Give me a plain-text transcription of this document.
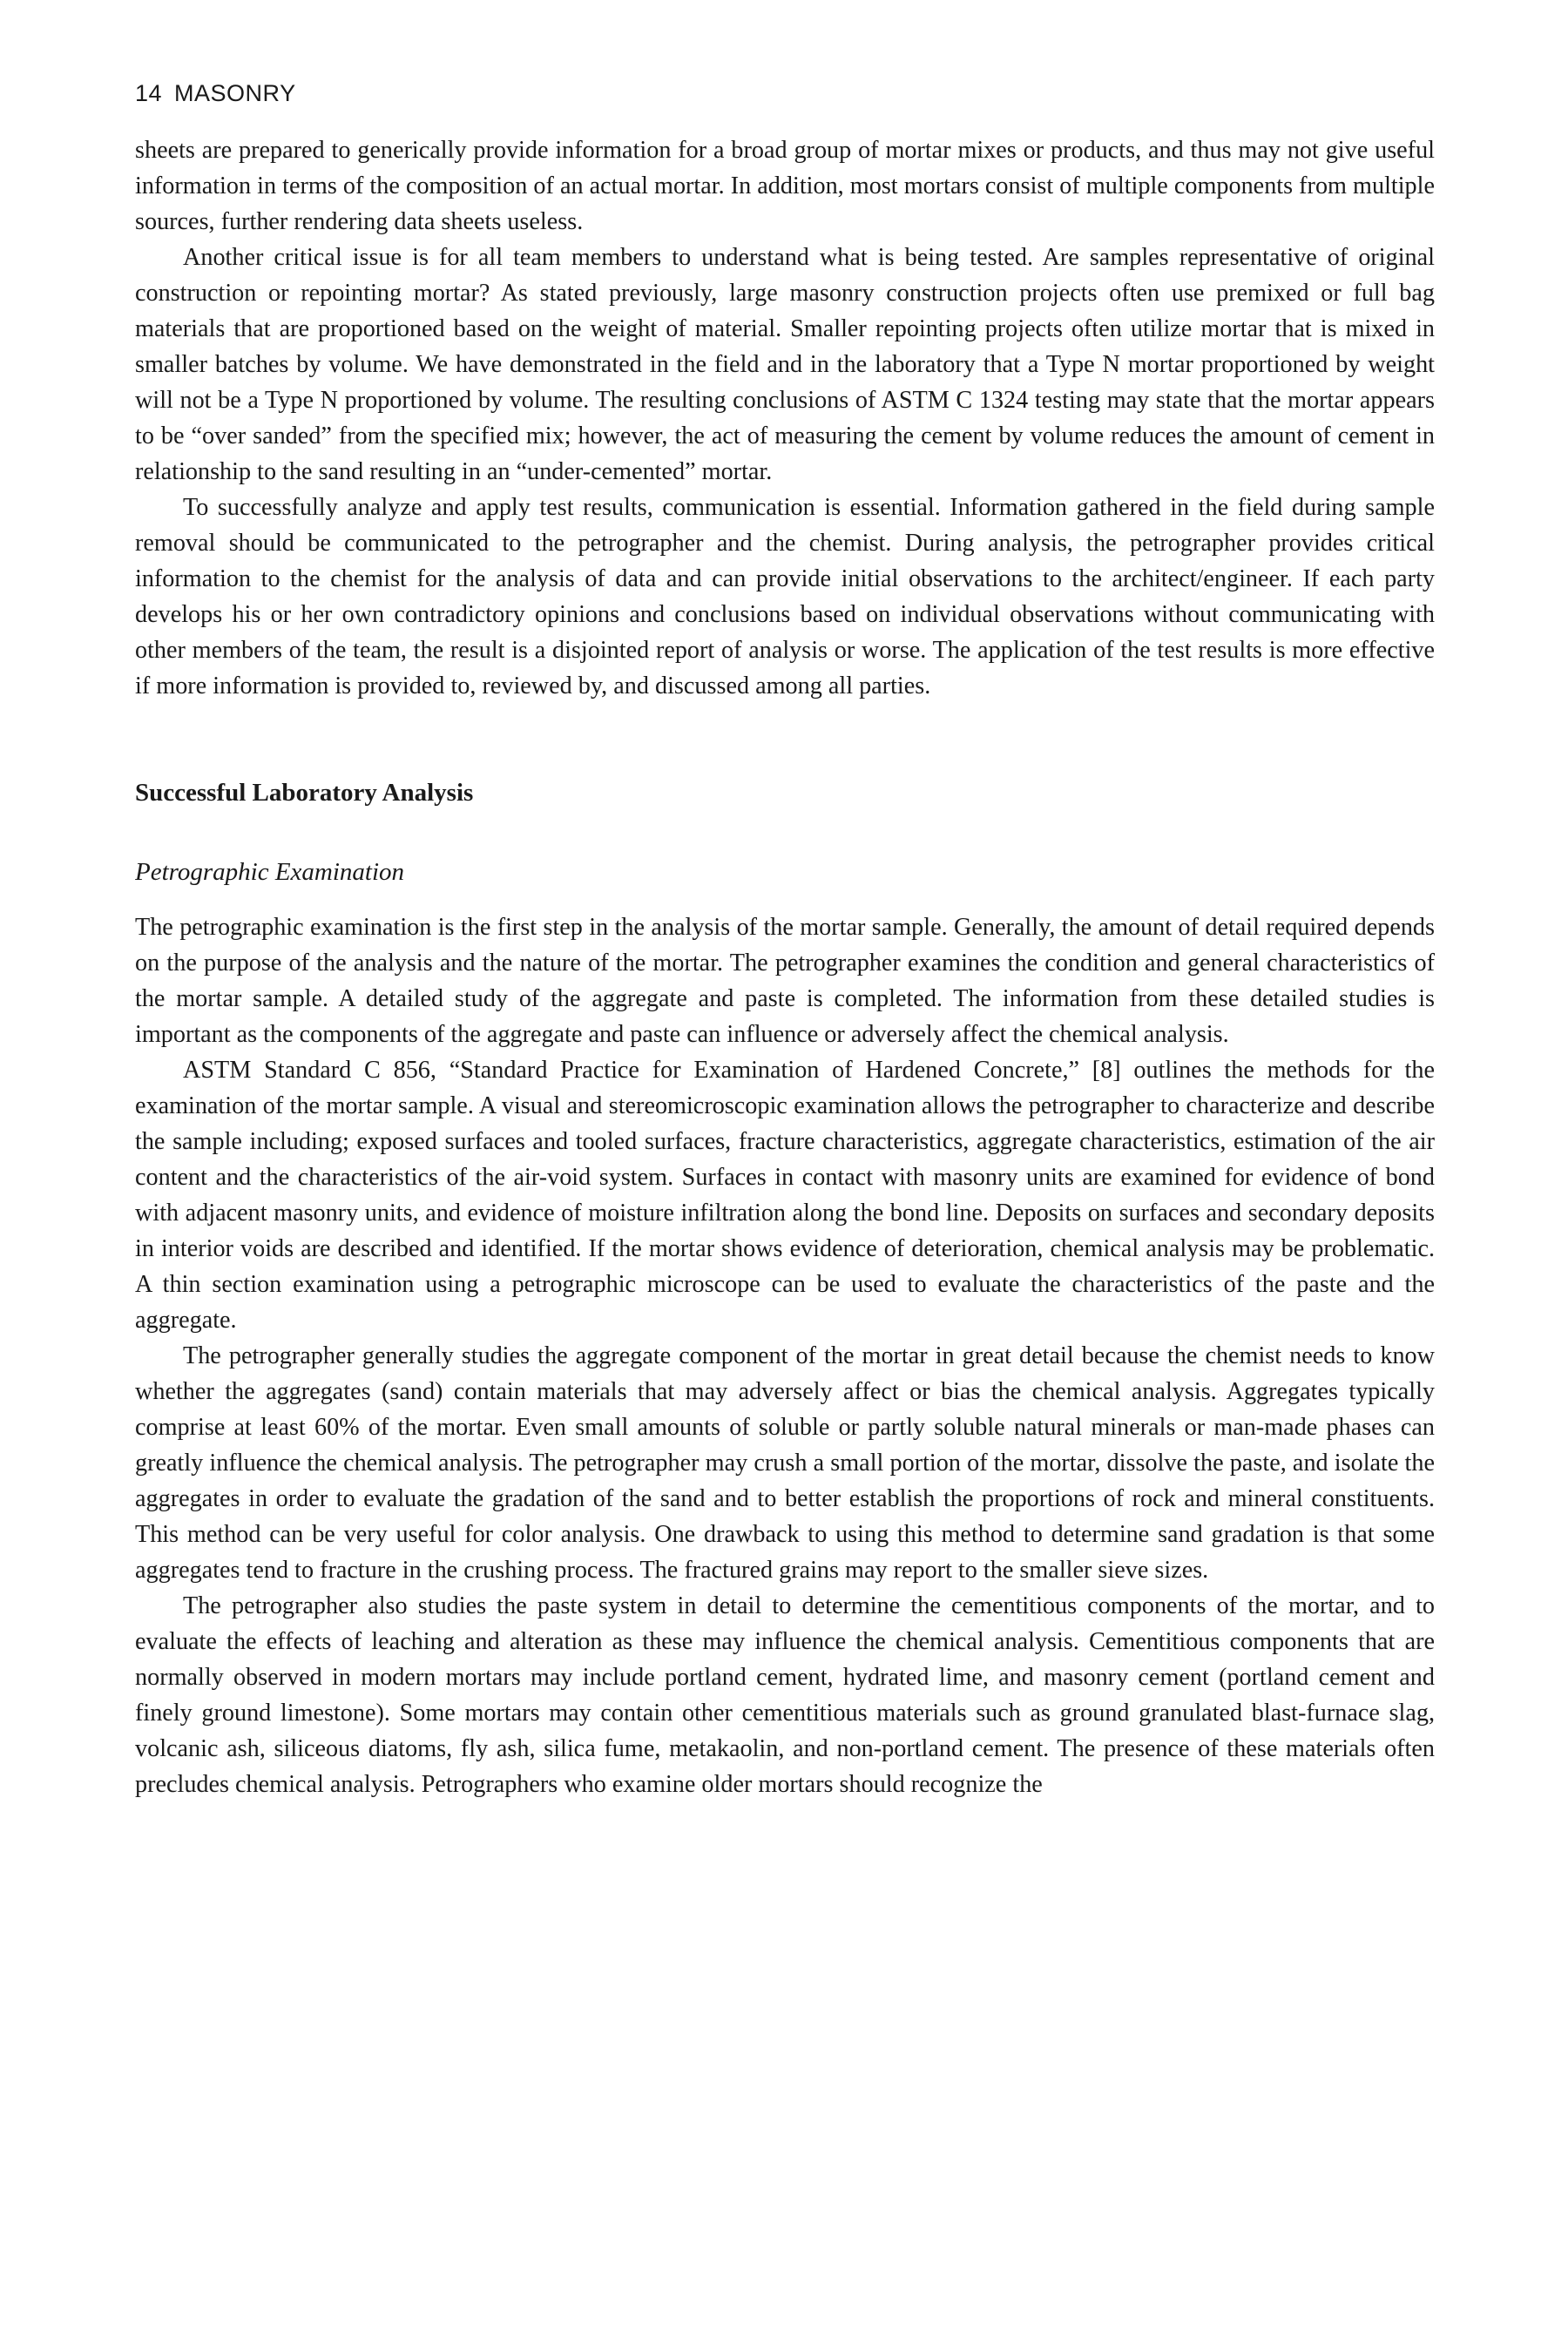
14 MASONRY

sheets are prepared to generically provide information for a broad group of mortar mixes or products, and thus may not give useful information in terms of the composition of an actual mortar. In addition, most mortars consist of multiple components from multiple sources, further rendering data sheets useless.

Another critical issue is for all team members to understand what is being tested. Are samples representative of original construction or repointing mortar? As stated previously, large masonry construction projects often use premixed or full bag materials that are proportioned based on the weight of material. Smaller repointing projects often utilize mortar that is mixed in smaller batches by volume. We have demonstrated in the field and in the laboratory that a Type N mortar proportioned by weight will not be a Type N proportioned by volume. The resulting conclusions of ASTM C 1324 testing may state that the mortar appears to be “over sanded” from the specified mix; however, the act of measuring the cement by volume reduces the amount of cement in relationship to the sand resulting in an “under-cemented” mortar.

To successfully analyze and apply test results, communication is essential. Information gathered in the field during sample removal should be communicated to the petrographer and the chemist. During analysis, the petrographer provides critical information to the chemist for the analysis of data and can provide initial observations to the architect/engineer. If each party develops his or her own contradictory opinions and conclusions based on individual observations without communicating with other members of the team, the result is a disjointed report of analysis or worse. The application of the test results is more effective if more information is provided to, reviewed by, and discussed among all parties.

Successful Laboratory Analysis
Petrographic Examination

The petrographic examination is the first step in the analysis of the mortar sample. Generally, the amount of detail required depends on the purpose of the analysis and the nature of the mortar. The petrographer examines the condition and general characteristics of the mortar sample. A detailed study of the aggregate and paste is completed. The information from these detailed studies is important as the components of the aggregate and paste can influence or adversely affect the chemical analysis.

ASTM Standard C 856, “Standard Practice for Examination of Hardened Concrete,” [8] outlines the methods for the examination of the mortar sample. A visual and stereomicroscopic examination allows the petrographer to characterize and describe the sample including; exposed surfaces and tooled surfaces, fracture characteristics, aggregate characteristics, estimation of the air content and the characteristics of the air-void system. Surfaces in contact with masonry units are examined for evidence of bond with adjacent masonry units, and evidence of moisture infiltration along the bond line. Deposits on surfaces and secondary deposits in interior voids are described and identified. If the mortar shows evidence of deterioration, chemical analysis may be problematic. A thin section examination using a petrographic microscope can be used to evaluate the characteristics of the paste and the aggregate.

The petrographer generally studies the aggregate component of the mortar in great detail because the chemist needs to know whether the aggregates (sand) contain materials that may adversely affect or bias the chemical analysis. Aggregates typically comprise at least 60% of the mortar. Even small amounts of soluble or partly soluble natural minerals or man-made phases can greatly influence the chemical analysis. The petrographer may crush a small portion of the mortar, dissolve the paste, and isolate the aggregates in order to evaluate the gradation of the sand and to better establish the proportions of rock and mineral constituents. This method can be very useful for color analysis. One drawback to using this method to determine sand gradation is that some aggregates tend to fracture in the crushing process. The fractured grains may report to the smaller sieve sizes.

The petrographer also studies the paste system in detail to determine the cementitious components of the mortar, and to evaluate the effects of leaching and alteration as these may influence the chemical analysis. Cementitious components that are normally observed in modern mortars may include portland cement, hydrated lime, and masonry cement (portland cement and finely ground limestone). Some mortars may contain other cementitious materials such as ground granulated blast-furnace slag, volcanic ash, siliceous diatoms, fly ash, silica fume, metakaolin, and non-portland cement. The presence of these materials often precludes chemical analysis. Petrographers who examine older mortars should recognize the
